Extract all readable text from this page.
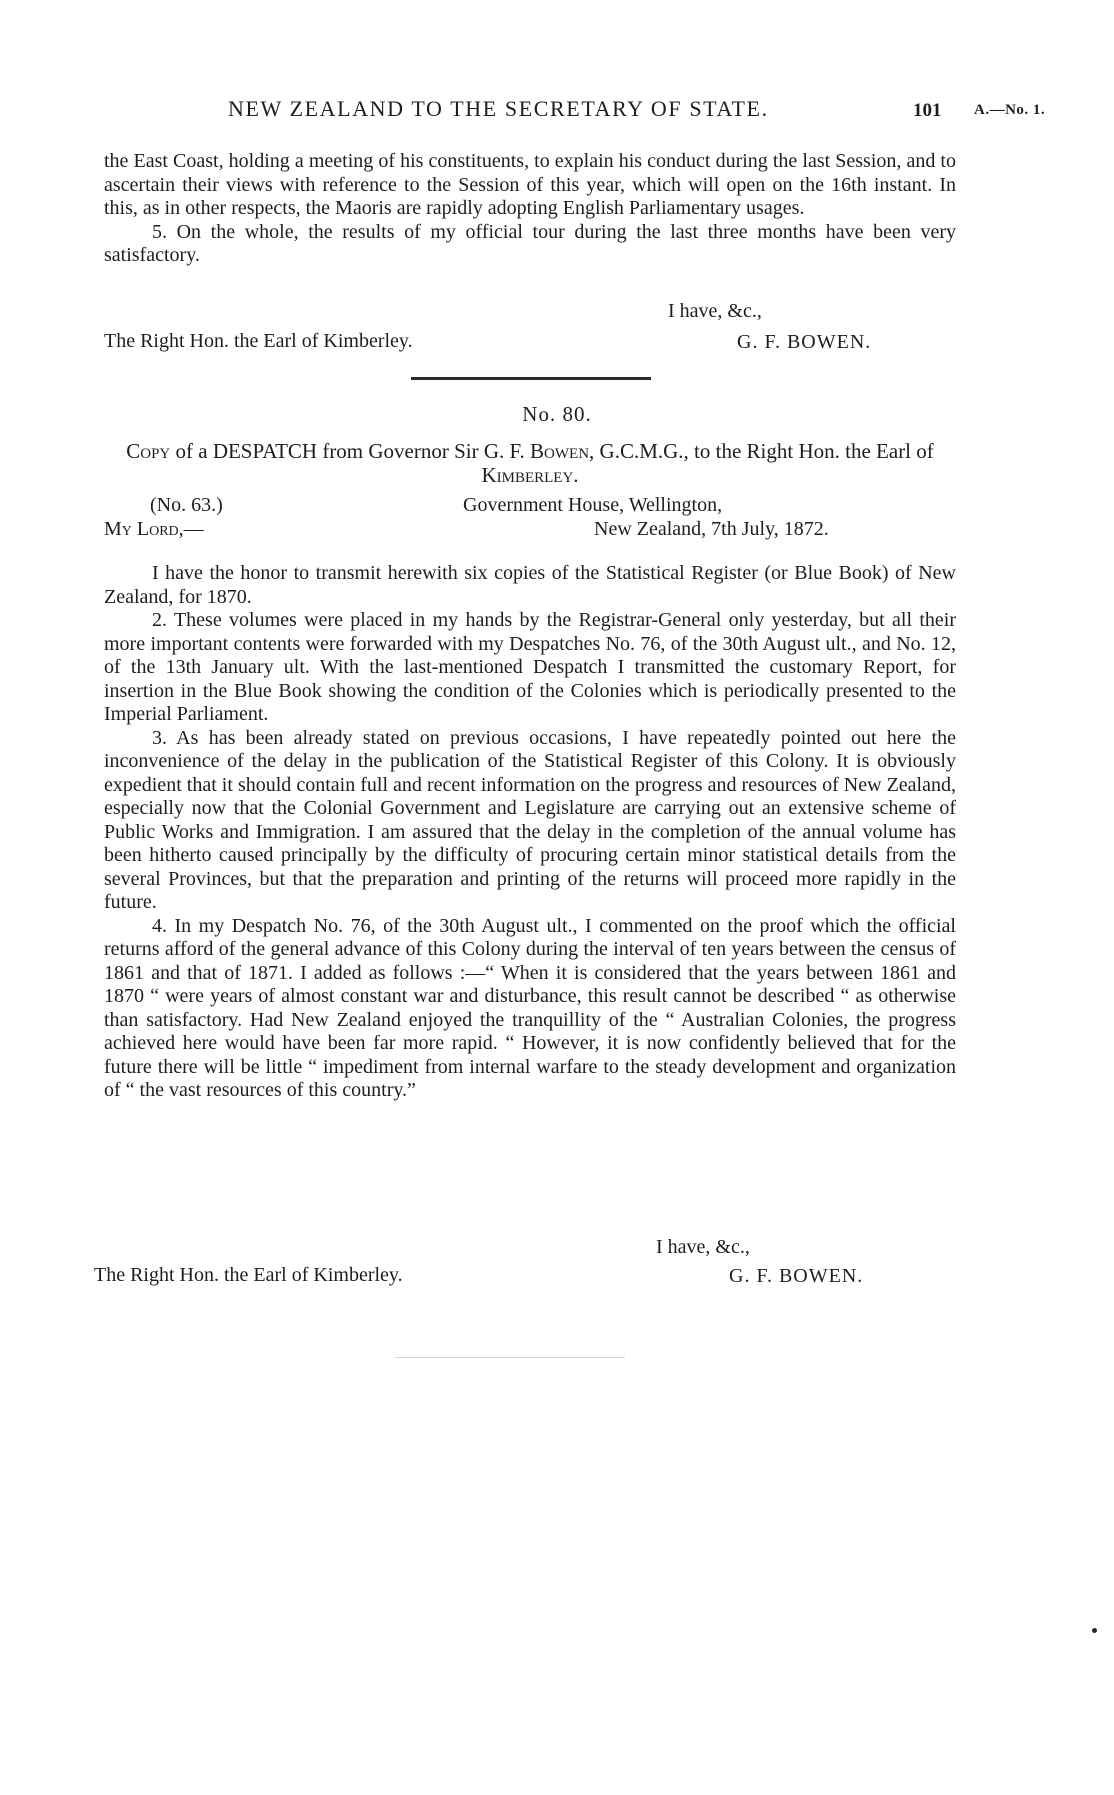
NEW ZEALAND TO THE SECRETARY OF STATE.	101 A.—No. 1.

the East Coast, holding a meeting of his constituents, to explain his conduct during the last Session, and to ascertain their views with reference to the Session of this year, which will open on the 16th instant. In this, as in other respects, the Maoris are rapidly adopting English Parliamentary usages.

5. On the whole, the results of my official tour during the last three months have been very satisfactory.

I have, &c.,
The Right Hon. the Earl of Kimberley.	G. F. BOWEN.
No. 80.
Copy of a DESPATCH from Governor Sir G. F. Bowen, G.C.M.G., to the Right Hon. the Earl of Kimberley.
(No. 63.)	Government House, Wellington,
My Lord,—	New Zealand, 7th July, 1872.

I have the honor to transmit herewith six copies of the Statistical Register (or Blue Book) of New Zealand, for 1870.

2. These volumes were placed in my hands by the Registrar-General only yesterday, but all their more important contents were forwarded with my Despatches No. 76, of the 30th August ult., and No. 12, of the 13th January ult. With the last-mentioned Despatch I transmitted the customary Report, for insertion in the Blue Book showing the condition of the Colonies which is periodically presented to the Imperial Parliament.

3. As has been already stated on previous occasions, I have repeatedly pointed out here the inconvenience of the delay in the publication of the Statistical Register of this Colony. It is obviously expedient that it should contain full and recent information on the progress and resources of New Zealand, especially now that the Colonial Government and Legislature are carrying out an extensive scheme of Public Works and Immigration. I am assured that the delay in the completion of the annual volume has been hitherto caused principally by the difficulty of procuring certain minor statistical details from the several Provinces, but that the preparation and printing of the returns will proceed more rapidly in the future.

4. In my Despatch No. 76, of the 30th August ult., I commented on the proof which the official returns afford of the general advance of this Colony during the interval of ten years between the census of 1861 and that of 1871. I added as follows :—“ When it is considered that the years between 1861 and 1870 “ were years of almost constant war and disturbance, this result cannot be described “ as otherwise than satisfactory. Had New Zealand enjoyed the tranquillity of the “ Australian Colonies, the progress achieved here would have been far more rapid. “ However, it is now confidently believed that for the future there will be little “ impediment from internal warfare to the steady development and organization of “ the vast resources of this country.”

I have, &c.,
The Right Hon. the Earl of Kimberley.	G. F. BOWEN.
